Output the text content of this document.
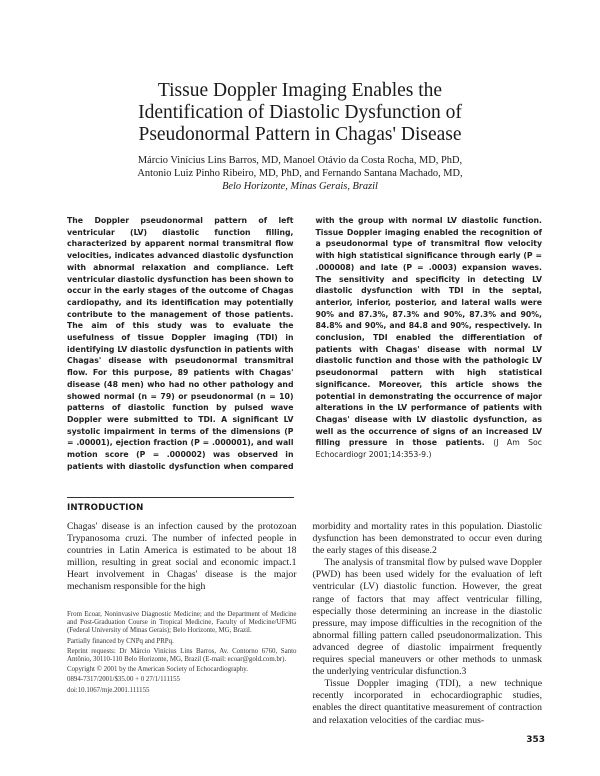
Tissue Doppler Imaging Enables the
Identification of Diastolic Dysfunction of
Pseudonormal Pattern in Chagas' Disease
Márcio Vinícius Lins Barros, MD, Manoel Otávio da Costa Rocha, MD, PhD,
Antonio Luiz Pinho Ribeiro, MD, PhD, and Fernando Santana Machado, MD,
Belo Horizonte, Minas Gerais, Brazil
The Doppler pseudonormal pattern of left ventricular (LV) diastolic function filling, characterized by apparent normal transmitral flow velocities, indicates advanced diastolic dysfunction with abnormal relaxation and compliance. Left ventricular diastolic dysfunction has been shown to occur in the early stages of the outcome of Chagas cardiopathy, and its identification may potentially contribute to the management of those patients. The aim of this study was to evaluate the usefulness of tissue Doppler imaging (TDI) in identifying LV diastolic dysfunction in patients with Chagas' disease with pseudonormal transmitral flow. For this purpose, 89 patients with Chagas' disease (48 men) who had no other pathology and showed normal (n = 79) or pseudonormal (n = 10) patterns of diastolic function by pulsed wave Doppler were submitted to TDI. A significant LV systolic impairment in terms of the dimensions (P = .00001), ejection fraction (P = .000001), and wall motion score (P = .000002) was observed in patients with diastolic dysfunction when compared with the group with normal LV diastolic function. Tissue Doppler imaging enabled the recognition of a pseudonormal type of transmitral flow velocity with high statistical significance through early (P = .000008) and late (P = .0003) expansion waves. The sensitivity and specificity in detecting LV diastolic dysfunction with TDI in the septal, anterior, inferior, posterior, and lateral walls were 90% and 87.3%, 87.3% and 90%, 87.3% and 90%, 84.8% and 90%, and 84.8 and 90%, respectively. In conclusion, TDI enabled the differentiation of patients with Chagas' disease with normal LV diastolic function and those with the pathologic LV pseudonormal pattern with high statistical significance. Moreover, this article shows the potential in demonstrating the occurrence of major alterations in the LV performance of patients with Chagas' disease with LV diastolic dysfunction, as well as the occurrence of signs of an increased LV filling pressure in those patients. (J Am Soc Echocardiogr 2001;14:353-9.)
INTRODUCTION

Chagas' disease is an infection caused by the protozoan Trypanosoma cruzi. The number of infected people in countries in Latin America is estimated to be about 18 million, resulting in great social and economic impact.1 Heart involvement in Chagas' disease is the major mechanism responsible for the high

From Ecoar, Noninvasive Diagnostic Medicine; and the Department of Medicine and Post-Graduation Course in Tropical Medicine, Faculty of Medicine/UFMG (Federal University of Minas Gerais); Belo Horizonte, MG, Brazil.
Partially financed by CNPq and PRPq.
Reprint requests: Dr Márcio Vinícius Lins Barros, Av. Contorno 6760, Santo Antônio, 30110-110 Belo Horizonte, MG, Brazil (E-mail: ecoar@gold.com.br).
Copyright © 2001 by the American Society of Echocardiography.
0894-7317/2001/$35.00 + 0 27/1/111155
doi:10.1067/mje.2001.111155

morbidity and mortality rates in this population. Diastolic dysfunction has been demonstrated to occur even during the early stages of this disease.2

The analysis of transmital flow by pulsed wave Doppler (PWD) has been used widely for the evaluation of left ventricular (LV) diastolic function. However, the great range of factors that may affect ventricular filling, especially those determining an increase in the diastolic pressure, may impose difficulties in the recognition of the abnormal filling pattern called pseudonormalization. This advanced degree of diastolic impairment frequently requires special maneuvers or other methods to unmask the underlying ventricular disfunction.3

Tissue Doppler imaging (TDI), a new technique recently incorporated in echocardiographic studies, enables the direct quantitative measurement of contraction and relaxation velocities of the cardiac mus-

353
